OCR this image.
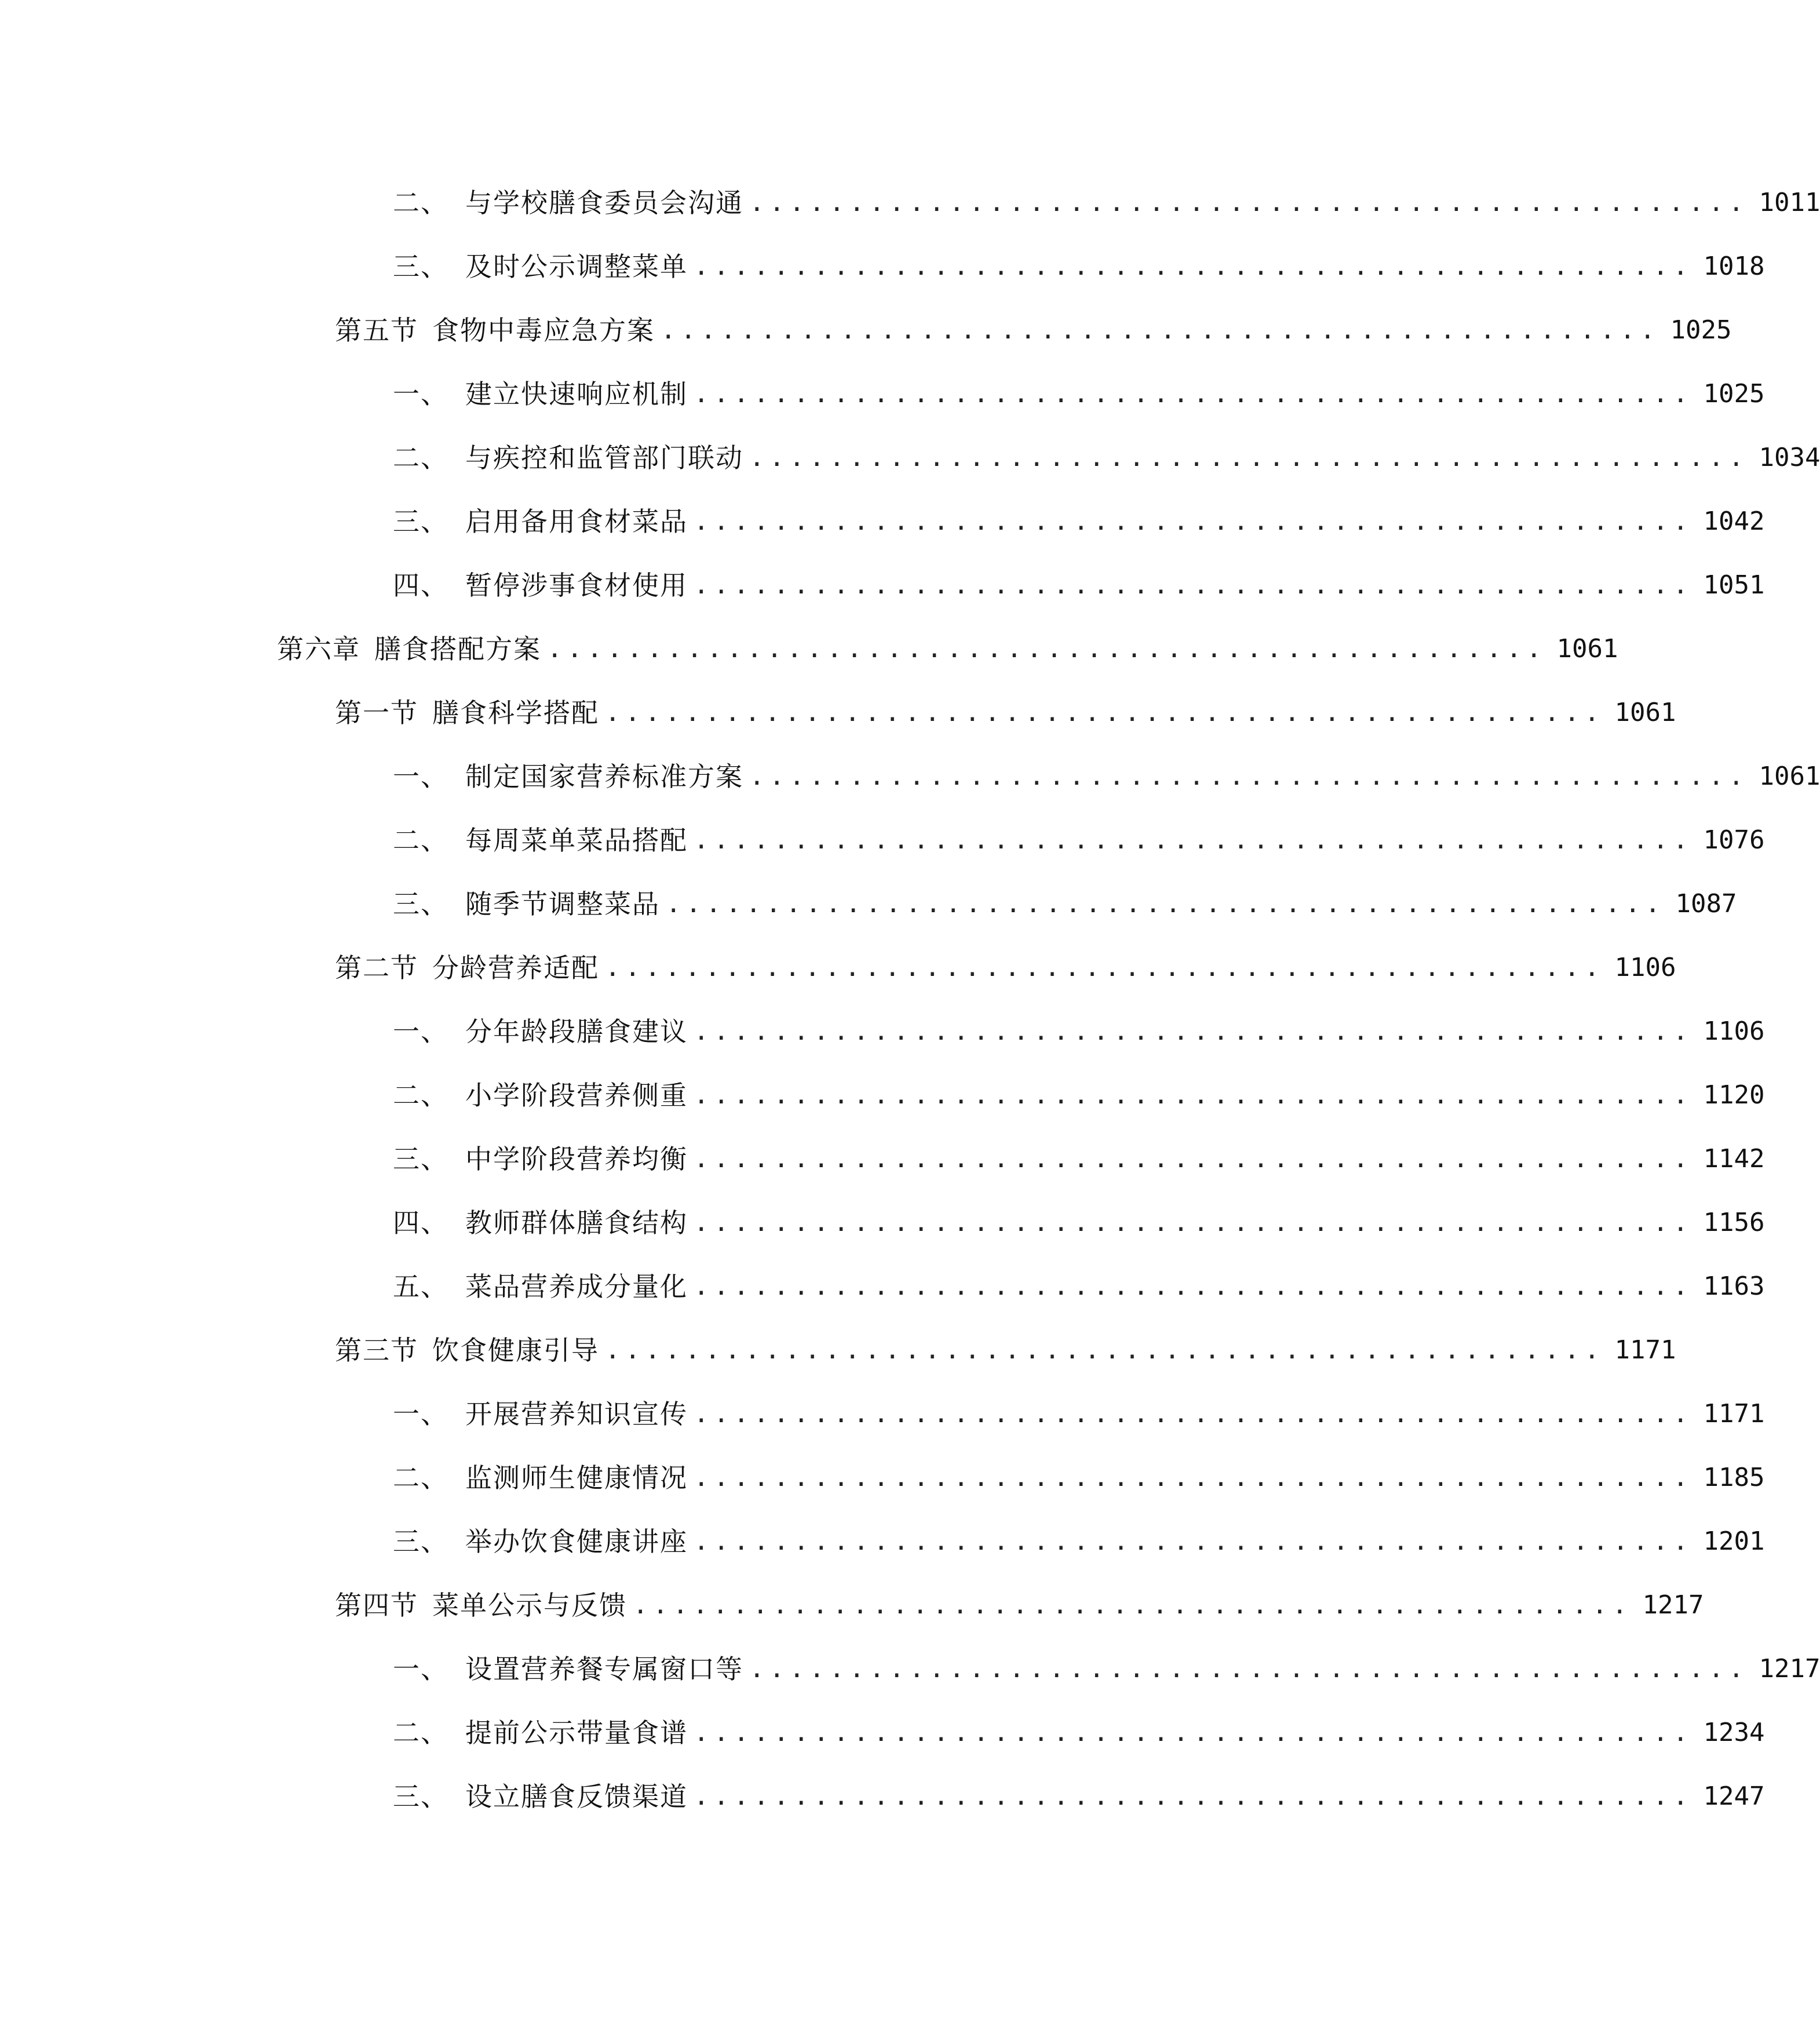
二、 与学校膳食委员会沟通 .................................................. 1011
三、 及时公示调整菜单 .................................................. 1018
第五节 食物中毒应急方案 .................................................. 1025
一、 建立快速响应机制 .................................................. 1025
二、 与疾控和监管部门联动 .................................................. 1034
三、 启用备用食材菜品 .................................................. 1042
四、 暂停涉事食材使用 .................................................. 1051
第六章 膳食搭配方案 .................................................. 1061
第一节 膳食科学搭配 .................................................. 1061
一、 制定国家营养标准方案 .................................................. 1061
二、 每周菜单菜品搭配 .................................................. 1076
三、 随季节调整菜品 .................................................. 1087
第二节 分龄营养适配 .................................................. 1106
一、 分年龄段膳食建议 .................................................. 1106
二、 小学阶段营养侧重 .................................................. 1120
三、 中学阶段营养均衡 .................................................. 1142
四、 教师群体膳食结构 .................................................. 1156
五、 菜品营养成分量化 .................................................. 1163
第三节 饮食健康引导 .................................................. 1171
一、 开展营养知识宣传 .................................................. 1171
二、 监测师生健康情况 .................................................. 1185
三、 举办饮食健康讲座 .................................................. 1201
第四节 菜单公示与反馈 .................................................. 1217
一、 设置营养餐专属窗口等 .................................................. 1217
二、 提前公示带量食谱 .................................................. 1234
三、 设立膳食反馈渠道 .................................................. 1247
